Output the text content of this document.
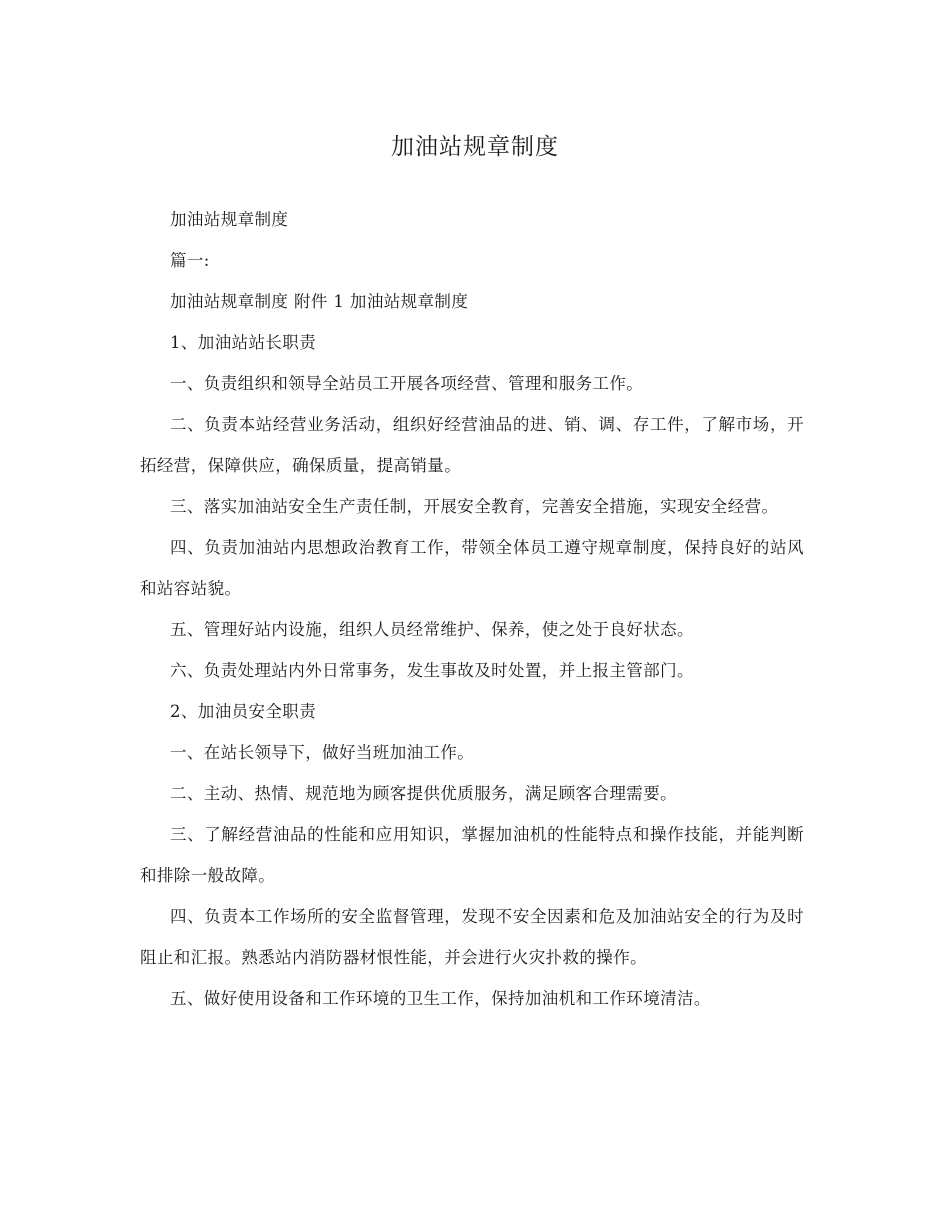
加油站规章制度

加油站规章制度

篇一:

加油站规章制度 附件 1 加油站规章制度

1、加油站站长职责

一、负责组织和领导全站员工开展各项经营、管理和服务工作。

二、负责本站经营业务活动，组织好经营油品的进、销、调、存工件，了解市场，开拓经营，保障供应，确保质量，提高销量。

三、落实加油站安全生产责任制，开展安全教育，完善安全措施，实现安全经营。

四、负责加油站内思想政治教育工作，带领全体员工遵守规章制度，保持良好的站风和站容站貌。

五、管理好站内设施，组织人员经常维护、保养，使之处于良好状态。

六、负责处理站内外日常事务，发生事故及时处置，并上报主管部门。

2、加油员安全职责

一、在站长领导下，做好当班加油工作。

二、主动、热情、规范地为顾客提供优质服务，满足顾客合理需要。

三、了解经营油品的性能和应用知识，掌握加油机的性能特点和操作技能，并能判断和排除一般故障。

四、负责本工作场所的安全监督管理，发现不安全因素和危及加油站安全的行为及时阻止和汇报。熟悉站内消防器材恨性能，并会进行火灾扑救的操作。

五、做好使用设备和工作环境的卫生工作，保持加油机和工作环境清洁。
